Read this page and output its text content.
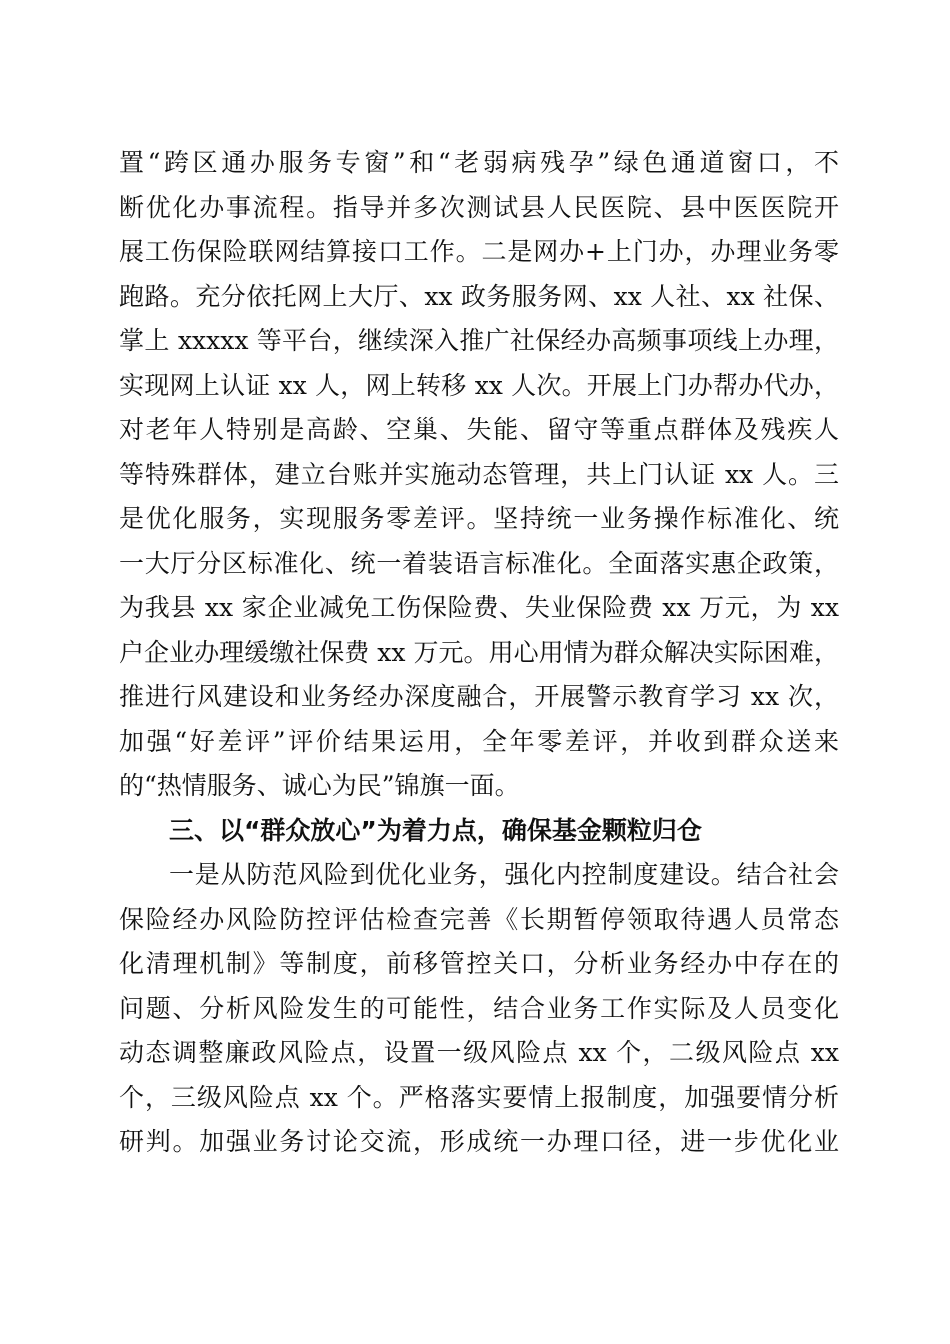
置“跨区通办服务专窗”和“老弱病残孕”绿色通道窗口，不
断优化办事流程。指导并多次测试县人民医院、县中医医院开
展工伤保险联网结算接口工作。二是网办+上门办，办理业务零
跑路。充分依托网上大厅、xx 政务服务网、xx 人社、xx 社保、
掌上 xxxxx 等平台，继续深入推广社保经办高频事项线上办理，
实现网上认证 xx 人，网上转移 xx 人次。开展上门办帮办代办，
对老年人特别是高龄、空巢、失能、留守等重点群体及残疾人
等特殊群体，建立台账并实施动态管理，共上门认证 xx 人。三
是优化服务，实现服务零差评。坚持统一业务操作标准化、统
一大厅分区标准化、统一着装语言标准化。全面落实惠企政策，
为我县 xx 家企业减免工伤保险费、失业保险费 xx 万元，为 xx
户企业办理缓缴社保费 xx 万元。用心用情为群众解决实际困难，
推进行风建设和业务经办深度融合，开展警示教育学习 xx 次，
加强“好差评”评价结果运用，全年零差评，并收到群众送来
的“热情服务、诚心为民”锦旗一面。
三、以“群众放心”为着力点，确保基金颗粒归仓
一是从防范风险到优化业务，强化内控制度建设。结合社会
保险经办风险防控评估检查完善《长期暂停领取待遇人员常态
化清理机制》等制度，前移管控关口，分析业务经办中存在的
问题、分析风险发生的可能性，结合业务工作实际及人员变化
动态调整廉政风险点，设置一级风险点 xx 个，二级风险点 xx
个，三级风险点 xx 个。严格落实要情上报制度，加强要情分析
研判。加强业务讨论交流，形成统一办理口径，进一步优化业
